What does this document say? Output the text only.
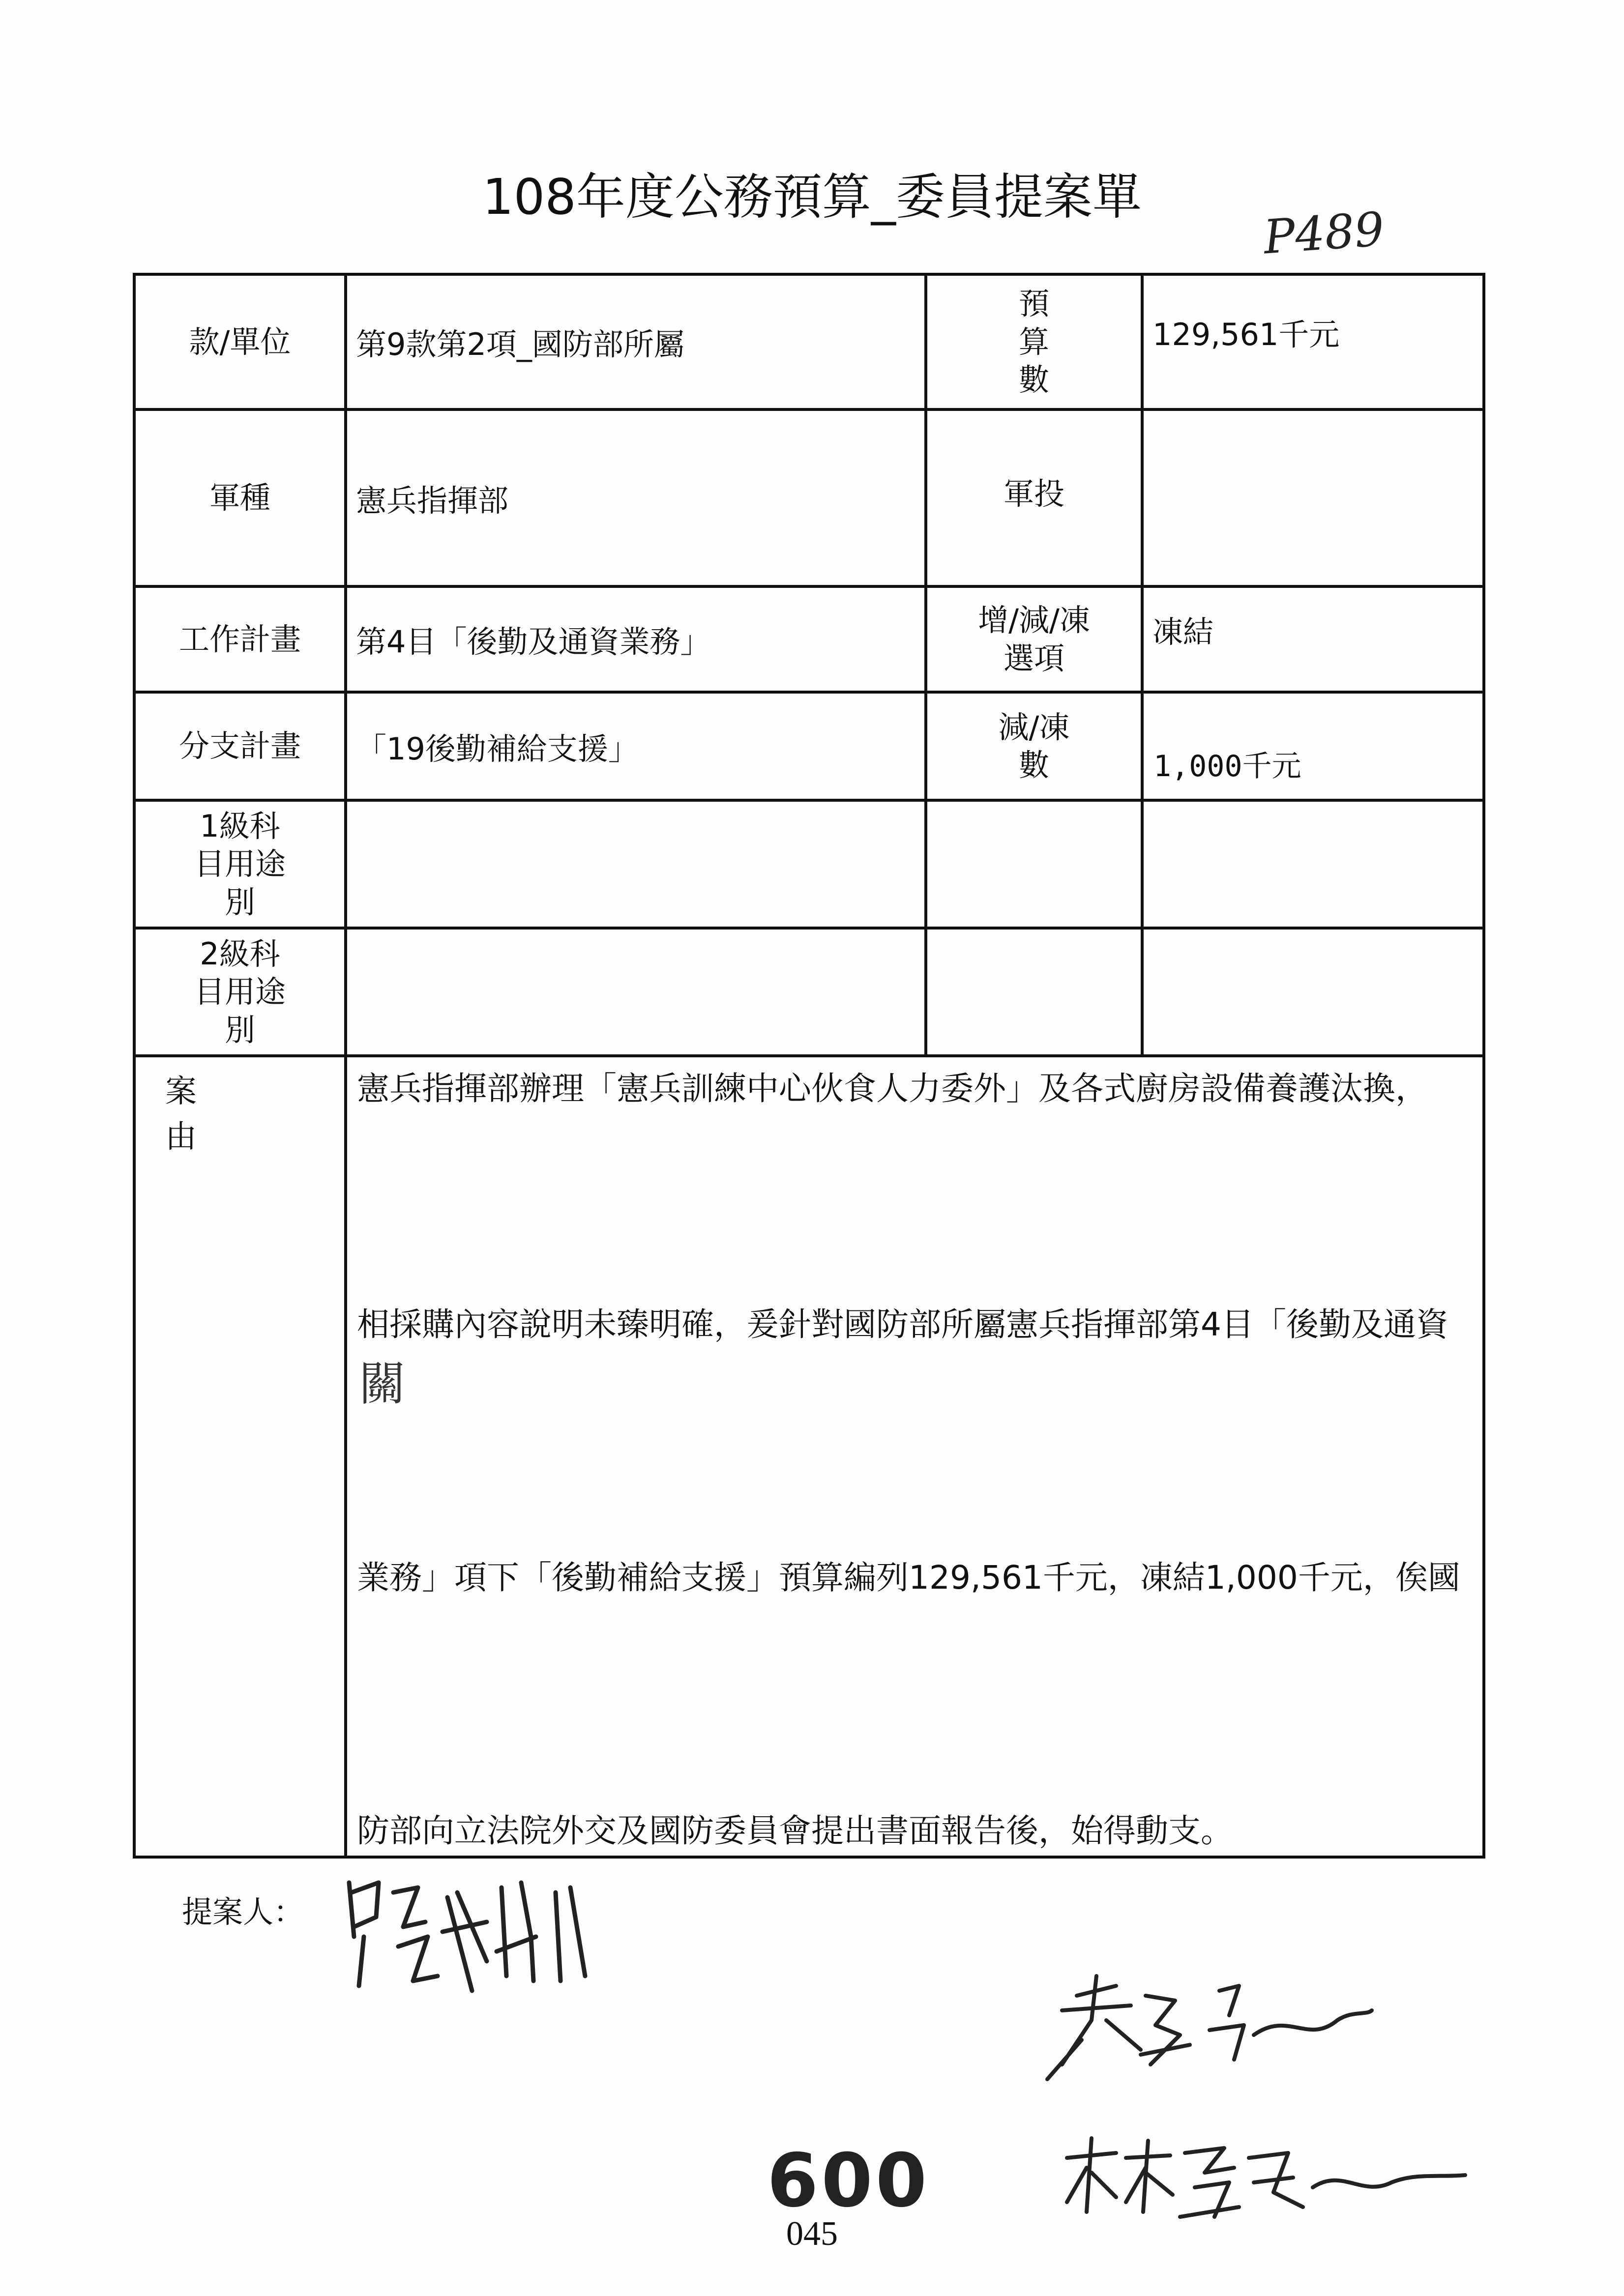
108年度公務預算_委員提案單
P489
款/單位	第9款第2項_國防部所屬	預算數	129,561千元
軍種	憲兵指揮部	軍投	
工作計畫	第4目「後勤及通資業務」	增/減/凍選項	凍結
分支計畫	「19後勤補給支援」	減/凍數	1,000千元
1級科目用途別			
2級科目用途別			
案由	憲兵指揮部辦理「憲兵訓練中心伙食人力委外」及各式廚房設備養護汰換，
相採購內容說明未臻明確，爰針對國防部所屬憲兵指揮部第4目「後勤及通資
業務」項下「後勤補給支援」預算編列129,561千元，凍結1,000千元，俟國
防部向立法院外交及國防委員會提出書面報告後，始得動支。		
關
提案人：
600
045
